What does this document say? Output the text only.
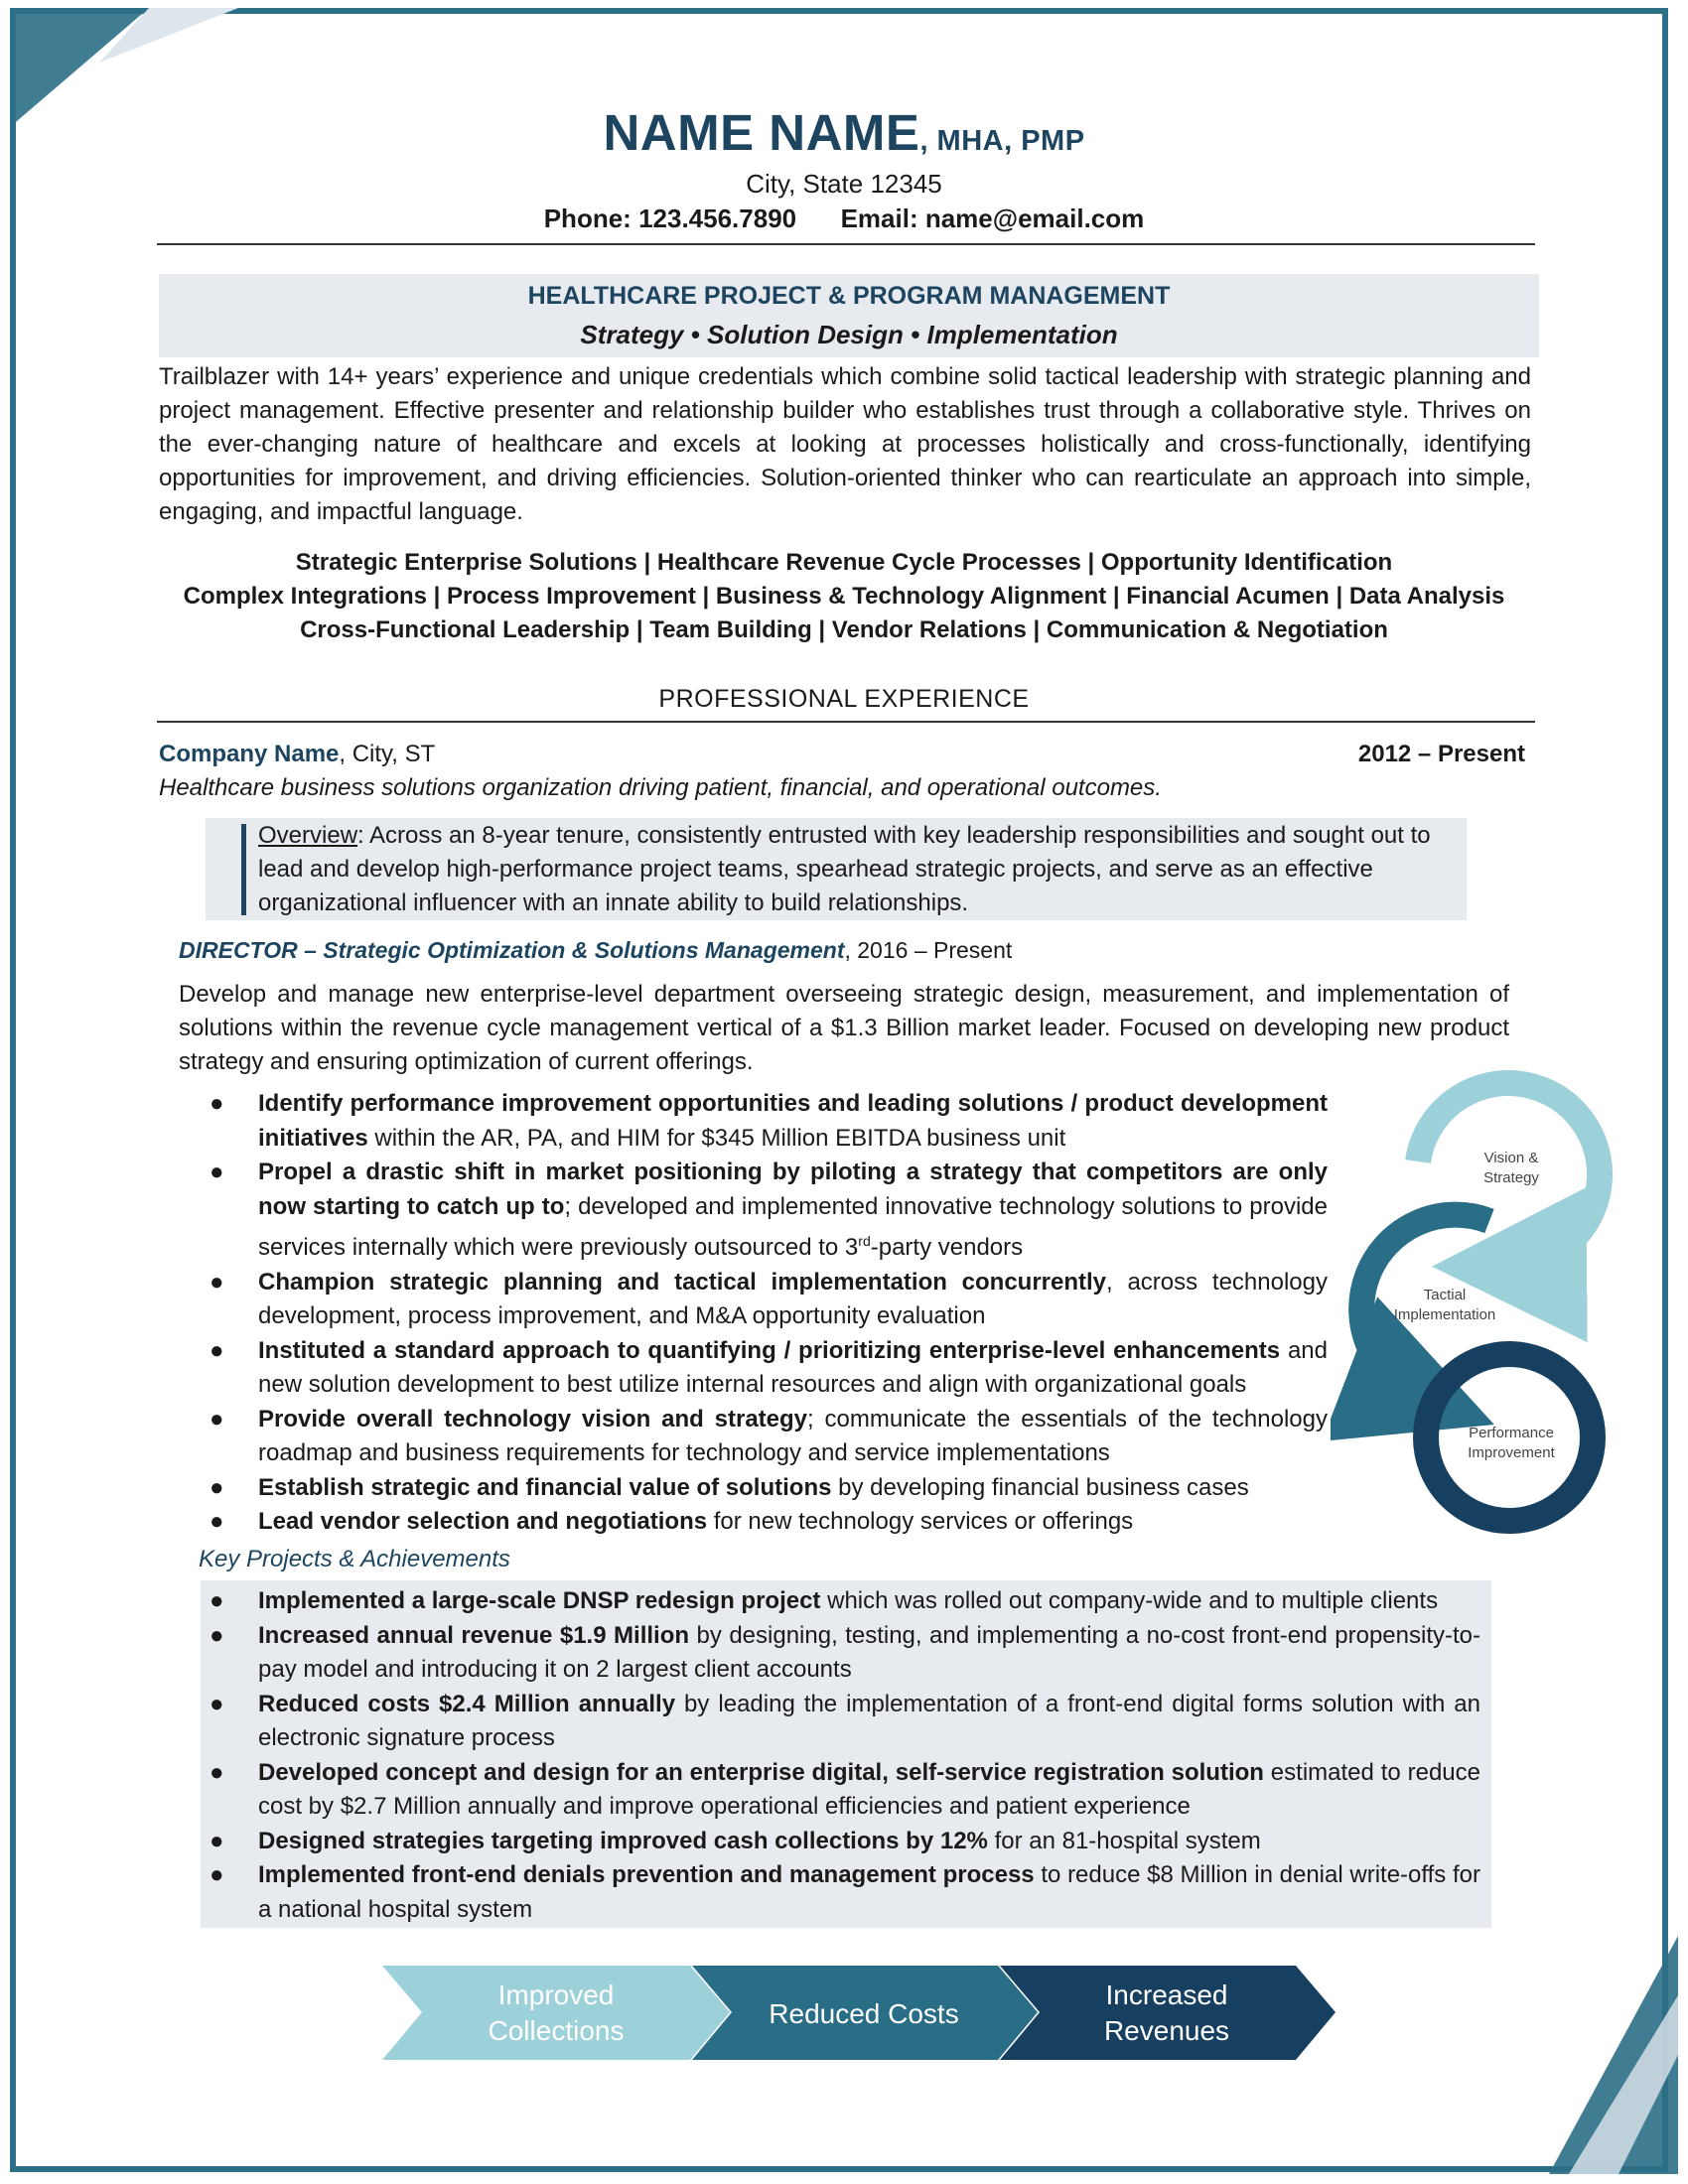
NAME NAME, MHA, PMP
City, State 12345
Phone: 123.456.7890 Email: name@email.com
HEALTHCARE PROJECT & PROGRAM MANAGEMENT
Strategy • Solution Design • Implementation
Trailblazer with 14+ years’ experience and unique credentials which combine solid tactical leadership with strategic planning and project management. Effective presenter and relationship builder who establishes trust through a collaborative style. Thrives on the ever-changing nature of healthcare and excels at looking at processes holistically and cross-functionally, identifying opportunities for improvement, and driving efficiencies. Solution-oriented thinker who can rearticulate an approach into simple, engaging, and impactful language.
Strategic Enterprise Solutions | Healthcare Revenue Cycle Processes | Opportunity Identification
Complex Integrations | Process Improvement | Business & Technology Alignment | Financial Acumen | Data Analysis
Cross-Functional Leadership | Team Building | Vendor Relations | Communication & Negotiation
PROFESSIONAL EXPERIENCE
Company Name, City, ST	2012 – Present
Healthcare business solutions organization driving patient, financial, and operational outcomes.
Overview: Across an 8-year tenure, consistently entrusted with key leadership responsibilities and sought out to lead and develop high-performance project teams, spearhead strategic projects, and serve as an effective organizational influencer with an innate ability to build relationships.
DIRECTOR – Strategic Optimization & Solutions Management, 2016 – Present
Develop and manage new enterprise-level department overseeing strategic design, measurement, and implementation of solutions within the revenue cycle management vertical of a $1.3 Billion market leader. Focused on developing new product strategy and ensuring optimization of current offerings.
● Identify performance improvement opportunities and leading solutions / product development initiatives within the AR, PA, and HIM for $345 Million EBITDA business unit
● Propel a drastic shift in market positioning by piloting a strategy that competitors are only now starting to catch up to; developed and implemented innovative technology solutions to provide services internally which were previously outsourced to 3rd-party vendors
● Champion strategic planning and tactical implementation concurrently, across technology development, process improvement, and M&A opportunity evaluation
● Instituted a standard approach to quantifying / prioritizing enterprise-level enhancements and new solution development to best utilize internal resources and align with organizational goals
● Provide overall technology vision and strategy; communicate the essentials of the technology roadmap and business requirements for technology and service implementations
● Establish strategic and financial value of solutions by developing financial business cases
● Lead vendor selection and negotiations for new technology services or offerings
Vision &
Strategy
Tactial
Implementation
Performance
Improvement
Key Projects & Achievements
● Implemented a large-scale DNSP redesign project which was rolled out company-wide and to multiple clients
● Increased annual revenue $1.9 Million by designing, testing, and implementing a no-cost front-end propensity-to-pay model and introducing it on 2 largest client accounts
● Reduced costs $2.4 Million annually by leading the implementation of a front-end digital forms solution with an electronic signature process
● Developed concept and design for an enterprise digital, self-service registration solution estimated to reduce cost by $2.7 Million annually and improve operational efficiencies and patient experience
● Designed strategies targeting improved cash collections by 12% for an 81-hospital system
● Implemented front-end denials prevention and management process to reduce $8 Million in denial write-offs for a national hospital system
Improved
Collections
Reduced Costs
Increased
Revenues
